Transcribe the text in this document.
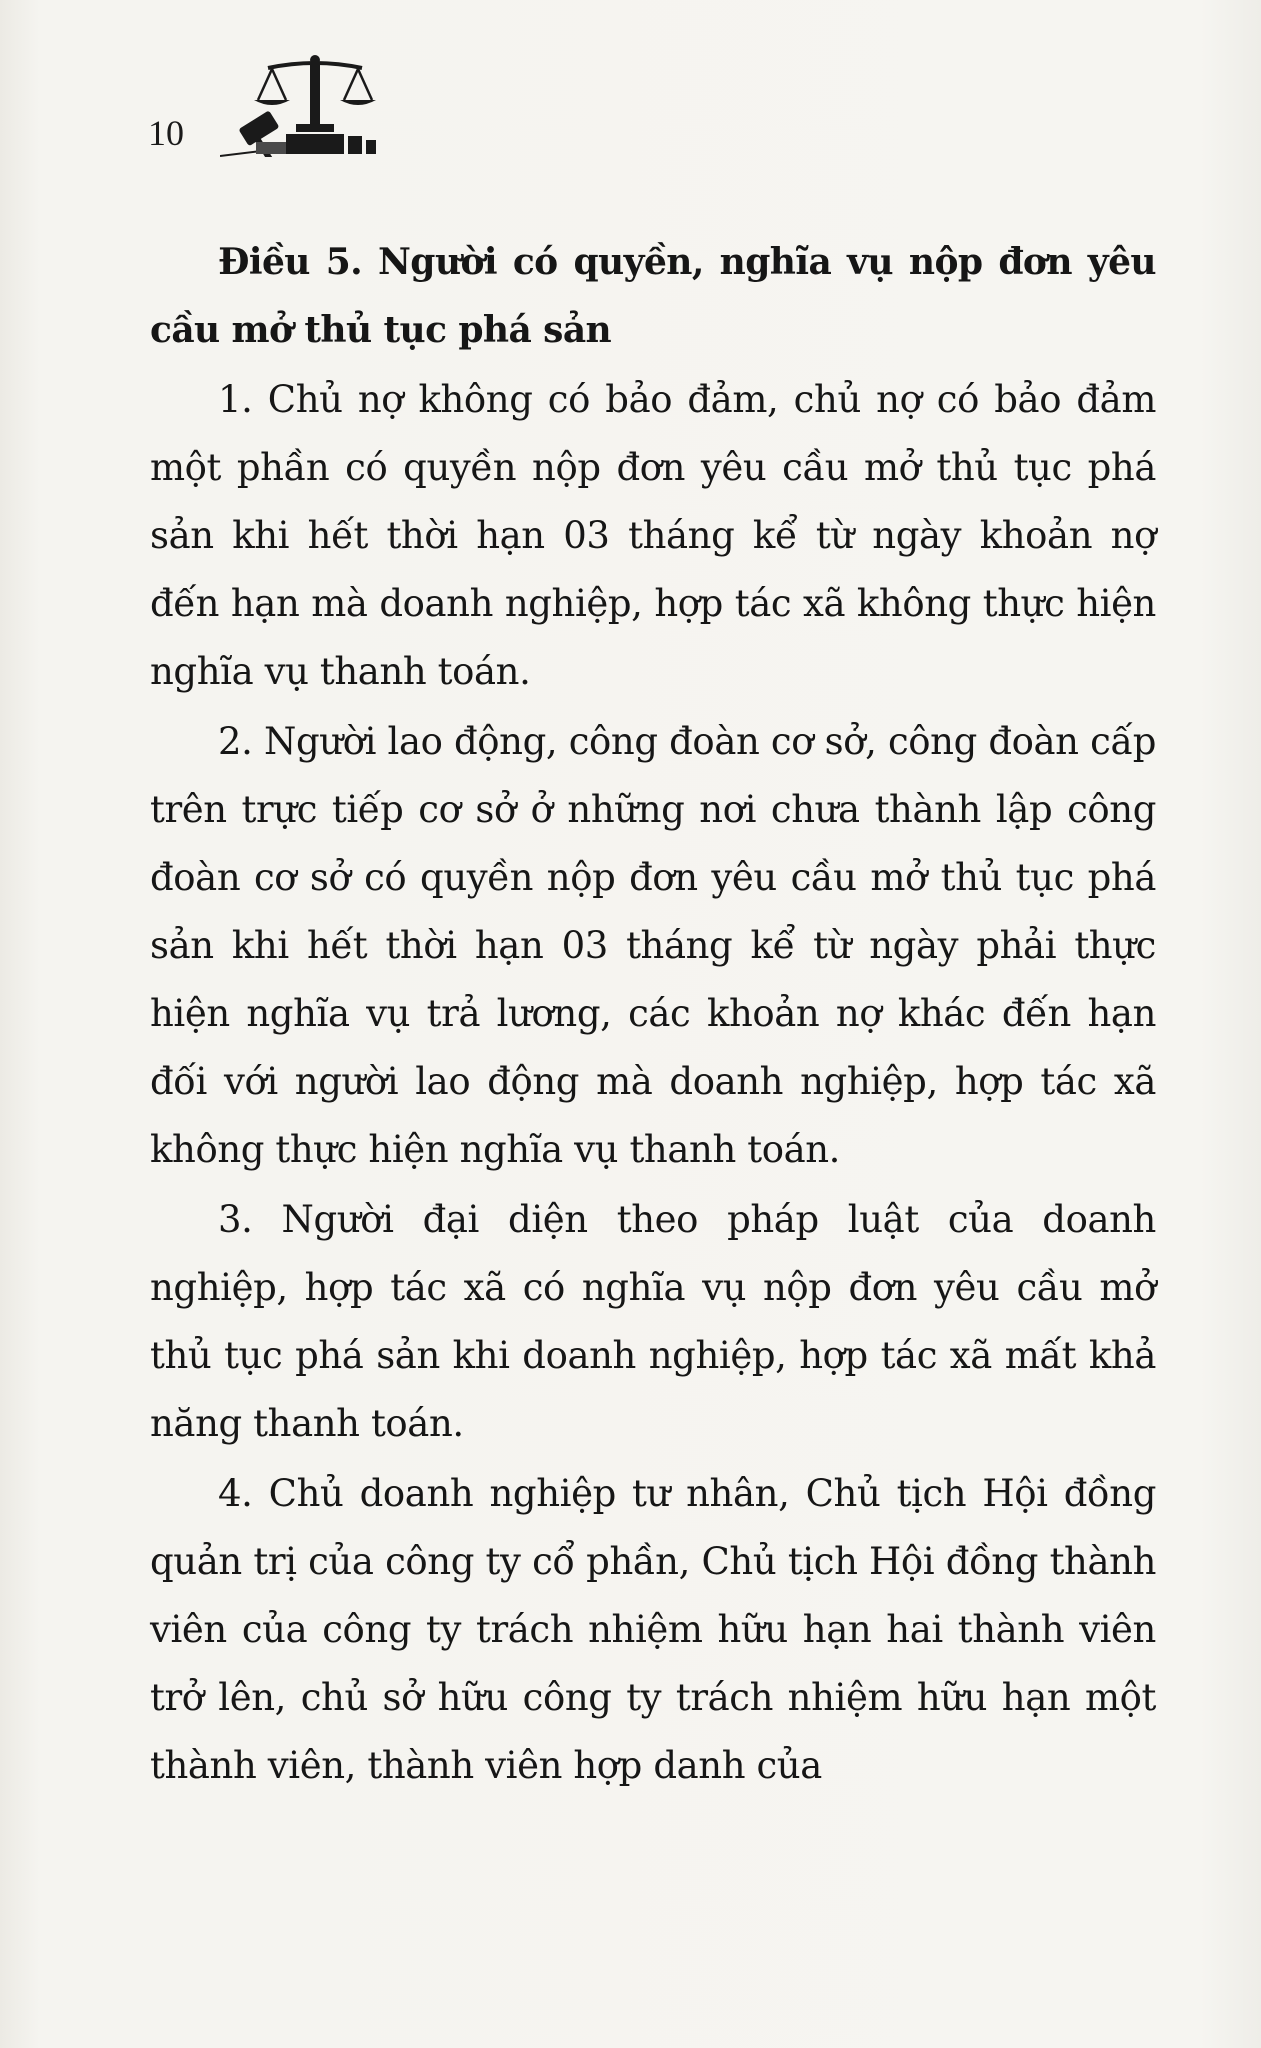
10

Điều 5. Người có quyền, nghĩa vụ nộp đơn yêu cầu mở thủ tục phá sản

1. Chủ nợ không có bảo đảm, chủ nợ có bảo đảm một phần có quyền nộp đơn yêu cầu mở thủ tục phá sản khi hết thời hạn 03 tháng kể từ ngày khoản nợ đến hạn mà doanh nghiệp, hợp tác xã không thực hiện nghĩa vụ thanh toán.

2. Người lao động, công đoàn cơ sở, công đoàn cấp trên trực tiếp cơ sở ở những nơi chưa thành lập công đoàn cơ sở có quyền nộp đơn yêu cầu mở thủ tục phá sản khi hết thời hạn 03 tháng kể từ ngày phải thực hiện nghĩa vụ trả lương, các khoản nợ khác đến hạn đối với người lao động mà doanh nghiệp, hợp tác xã không thực hiện nghĩa vụ thanh toán.

3. Người đại diện theo pháp luật của doanh nghiệp, hợp tác xã có nghĩa vụ nộp đơn yêu cầu mở thủ tục phá sản khi doanh nghiệp, hợp tác xã mất khả năng thanh toán.

4. Chủ doanh nghiệp tư nhân, Chủ tịch Hội đồng quản trị của công ty cổ phần, Chủ tịch Hội đồng thành viên của công ty trách nhiệm hữu hạn hai thành viên trở lên, chủ sở hữu công ty trách nhiệm hữu hạn một thành viên, thành viên hợp danh của
